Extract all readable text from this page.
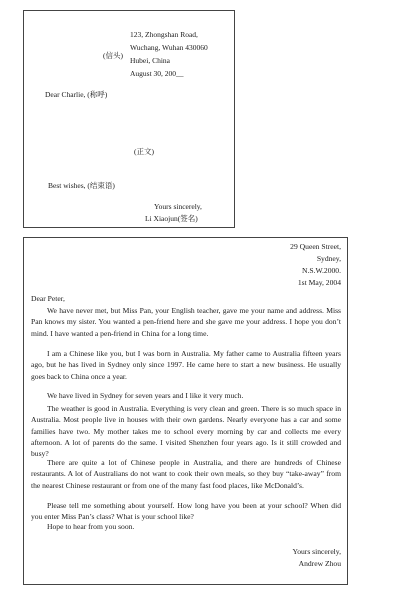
(信头)
123, Zhongshan Road,
Wuchang, Wuhan 430060
Hubei, China
August 30, 200__
Dear Charlie, (称呼)
(正文)
Best wishes, (结束语)
Yours sincerely,
Li Xiaojun(签名)
29 Queen Street,
Sydney,
N.S.W.2000.
1st May, 2004
Dear Peter,

We have never met, but Miss Pan, your English teacher, gave me your name and address. Miss Pan knows my sister. You wanted a pen-friend here and she gave me your address. I hope you don’t mind. I have wanted a pen-friend in China for a long time.

I am a Chinese like you, but I was born in Australia. My father came to Australia fifteen years ago, but he has lived in Sydney only since 1997. He came here to start a new business. He usually goes back to China once a year.

We have lived in Sydney for seven years and I like it very much.

The weather is good in Australia. Everything is very clean and green. There is so much space in Australia. Most people live in houses with their own gardens. Nearly everyone has a car and some families have two. My mother takes me to school every morning by car and collects me every afternoon. A lot of parents do the same. I visited Shenzhen four years ago. Is it still crowded and busy?

There are quite a lot of Chinese people in Australia, and there are hundreds of Chinese restaurants. A lot of Australians do not want to cook their own meals, so they buy “take-away” from the nearest Chinese restaurant or from one of the many fast food places, like McDonald’s.

Please tell me something about yourself. How long have you been at your school? When did you enter Miss Pan’s class? What is your school like?

Hope to hear from you soon.

Yours sincerely,
Andrew Zhou
